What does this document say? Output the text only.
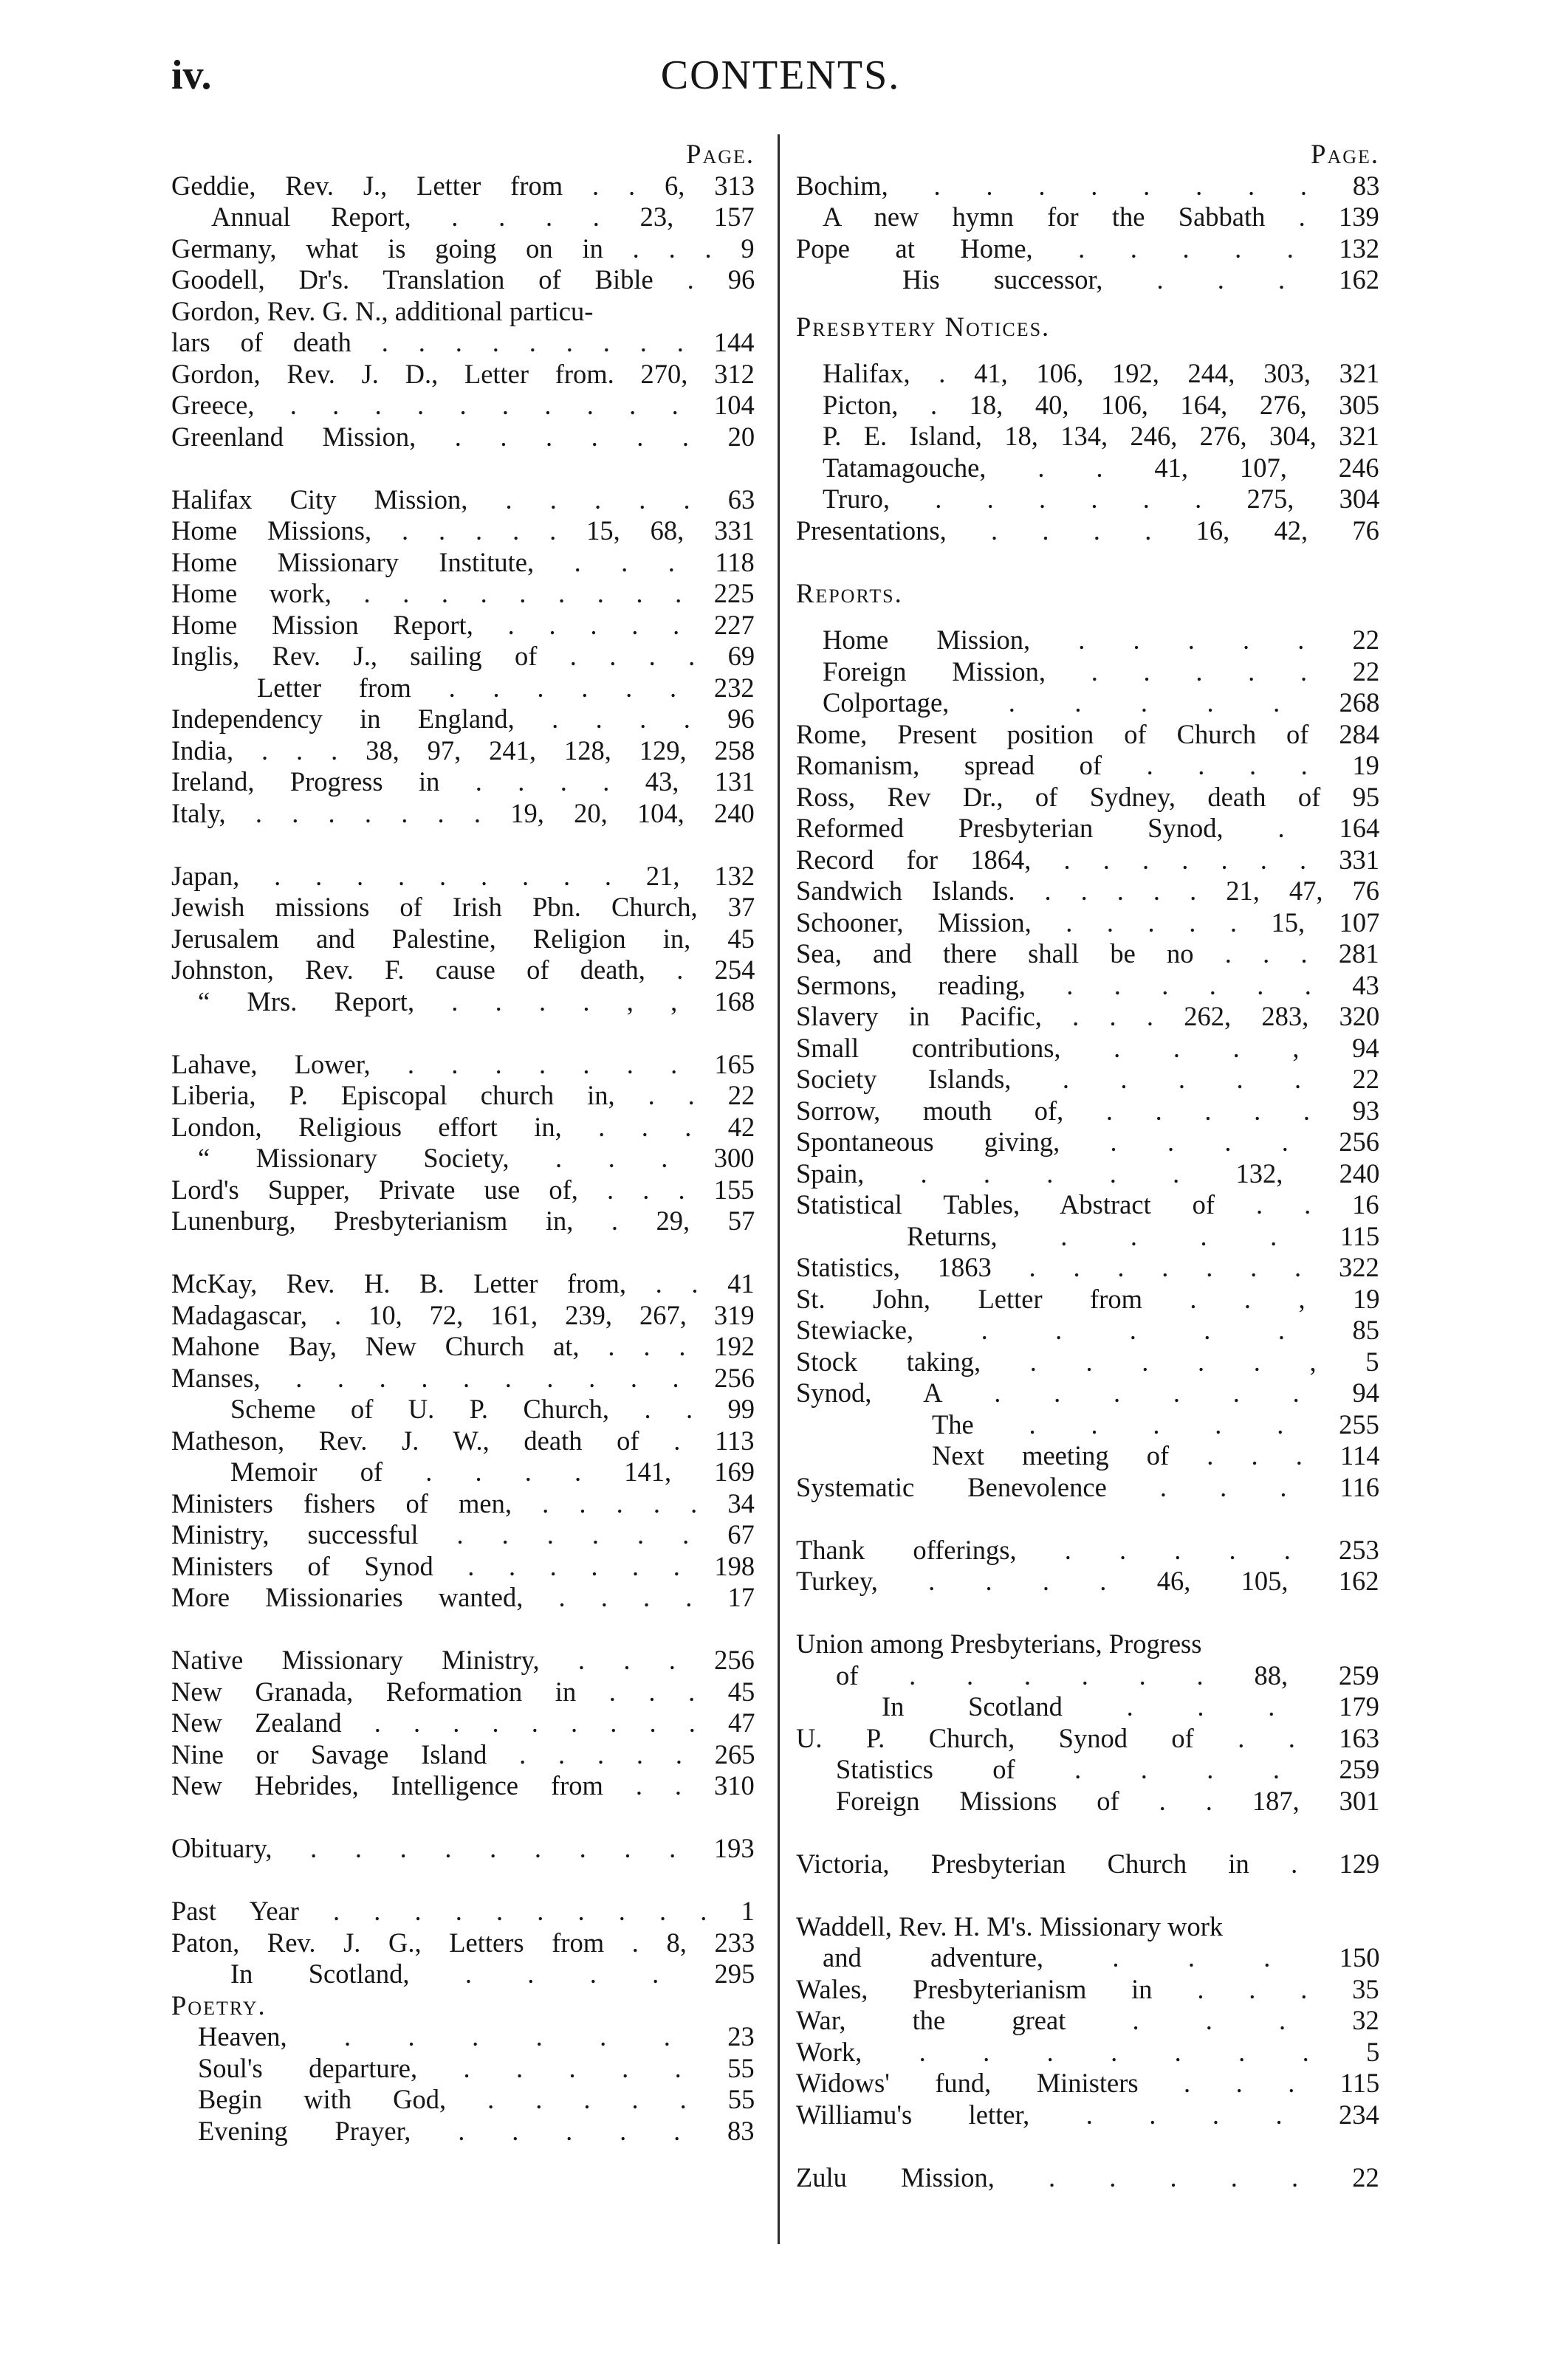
CONTENTS.
iv.
Page.
Geddie, Rev. J., Letter from . . 6, 313
Annual Report, . . . . 23, 157
Germany, what is going on in . . . 9
Goodell, Dr's. Translation of Bible . 96
Gordon, Rev. G. N., additional particu-
lars of death . . . . . . . . . 144
Gordon, Rev. J. D., Letter from. 270, 312
Greece, . . . . . . . . . . 104
Greenland Mission, . . . . . . 20
Halifax City Mission, . . . . . 63
Home Missions, . . . . . 15, 68, 331
Home Missionary Institute, . . . 118
Home work, . . . . . . . . . 225
Home Mission Report, . . . . . 227
Inglis, Rev. J., sailing of . . . . 69
Letter from . . . . . . 232
Independency in England, . . . . 96
India, . . . 38, 97, 241, 128, 129, 258
Ireland, Progress in . . . . 43, 131
Italy, . . . . . . . 19, 20, 104, 240
Japan, . . . . . . . . . 21, 132
Jewish missions of Irish Pbn. Church, 37
Jerusalem and Palestine, Religion in, 45
Johnston, Rev. F. cause of death, . 254
“ Mrs. Report, . . . . , , 168
Lahave, Lower, . . . . . . . 165
Liberia, P. Episcopal church in, . . 22
London, Religious effort in, . . . 42
“ Missionary Society, . . . 300
Lord's Supper, Private use of, . . . 155
Lunenburg, Presbyterianism in, . 29, 57
McKay, Rev. H. B. Letter from, . . 41
Madagascar, . 10, 72, 161, 239, 267, 319
Mahone Bay, New Church at, . . . 192
Manses, . . . . . . . . . . 256
Scheme of U. P. Church, . . 99
Matheson, Rev. J. W., death of . 113
Memoir of . . . . 141, 169
Ministers fishers of men, . . . . . 34
Ministry, successful . . . . . . 67
Ministers of Synod . . . . . . 198
More Missionaries wanted, . . . . 17
Native Missionary Ministry, . . . 256
New Granada, Reformation in . . . 45
New Zealand . . . . . . . . . 47
Nine or Savage Island . . . . . 265
New Hebrides, Intelligence from . . 310
Obituary, . . . . . . . . . 193
Past Year . . . . . . . . . . 1
Paton, Rev. J. G., Letters from . 8, 233
In Scotland, . . . . 295
Poetry.
Heaven, . . . . . . 23
Soul's departure, . . . . . 55
Begin with God, . . . . . 55
Evening Prayer, . . . . . 83
Page.
Bochim, . . . . . . . . 83
A new hymn for the Sabbath . 139
Pope at Home, . . . . . 132
His successor, . . . 162
Presbytery Notices.
Halifax, . 41, 106, 192, 244, 303, 321
Picton, . 18, 40, 106, 164, 276, 305
P. E. Island, 18, 134, 246, 276, 304, 321
Tatamagouche, . . 41, 107, 246
Truro, . . . . . . 275, 304
Presentations, . . . . 16, 42, 76
Reports.
Home Mission, . . . . . 22
Foreign Mission, . . . . . 22
Colportage, . . . . . 268
Rome, Present position of Church of 284
Romanism, spread of . . . . 19
Ross, Rev Dr., of Sydney, death of 95
Reformed Presbyterian Synod, . 164
Record for 1864, . . . . . . . 331
Sandwich Islands. . . . . . 21, 47, 76
Schooner, Mission, . . . . . 15, 107
Sea, and there shall be no . . . 281
Sermons, reading, . . . . . . 43
Slavery in Pacific, . . . 262, 283, 320
Small contributions, . . . , 94
Society Islands, . . . . . 22
Sorrow, mouth of, . . . . . 93
Spontaneous giving, . . . . 256
Spain, . . . . . 132, 240
Statistical Tables, Abstract of . . 16
Returns, . . . . 115
Statistics, 1863 . . . . . . . 322
St. John, Letter from . . , 19
Stewiacke, . . . . . 85
Stock taking, . . . . . , 5
Synod, A . . . . . . 94
The . . . . . 255
Next meeting of . . . 114
Systematic Benevolence . . . 116
Thank offerings, . . . . . 253
Turkey, . . . . 46, 105, 162
Union among Presbyterians, Progress
of . . . . . . 88, 259
In Scotland . . . 179
U. P. Church, Synod of . . 163
Statistics of . . . . 259
Foreign Missions of . . 187, 301
Victoria, Presbyterian Church in . 129
Waddell, Rev. H. M's. Missionary work
and adventure, . . . 150
Wales, Presbyterianism in . . . 35
War, the great . . . 32
Work, . . . . . . . 5
Widows' fund, Ministers . . . 115
Williamu's letter, . . . . 234
Zulu Mission, . . . . . 22
